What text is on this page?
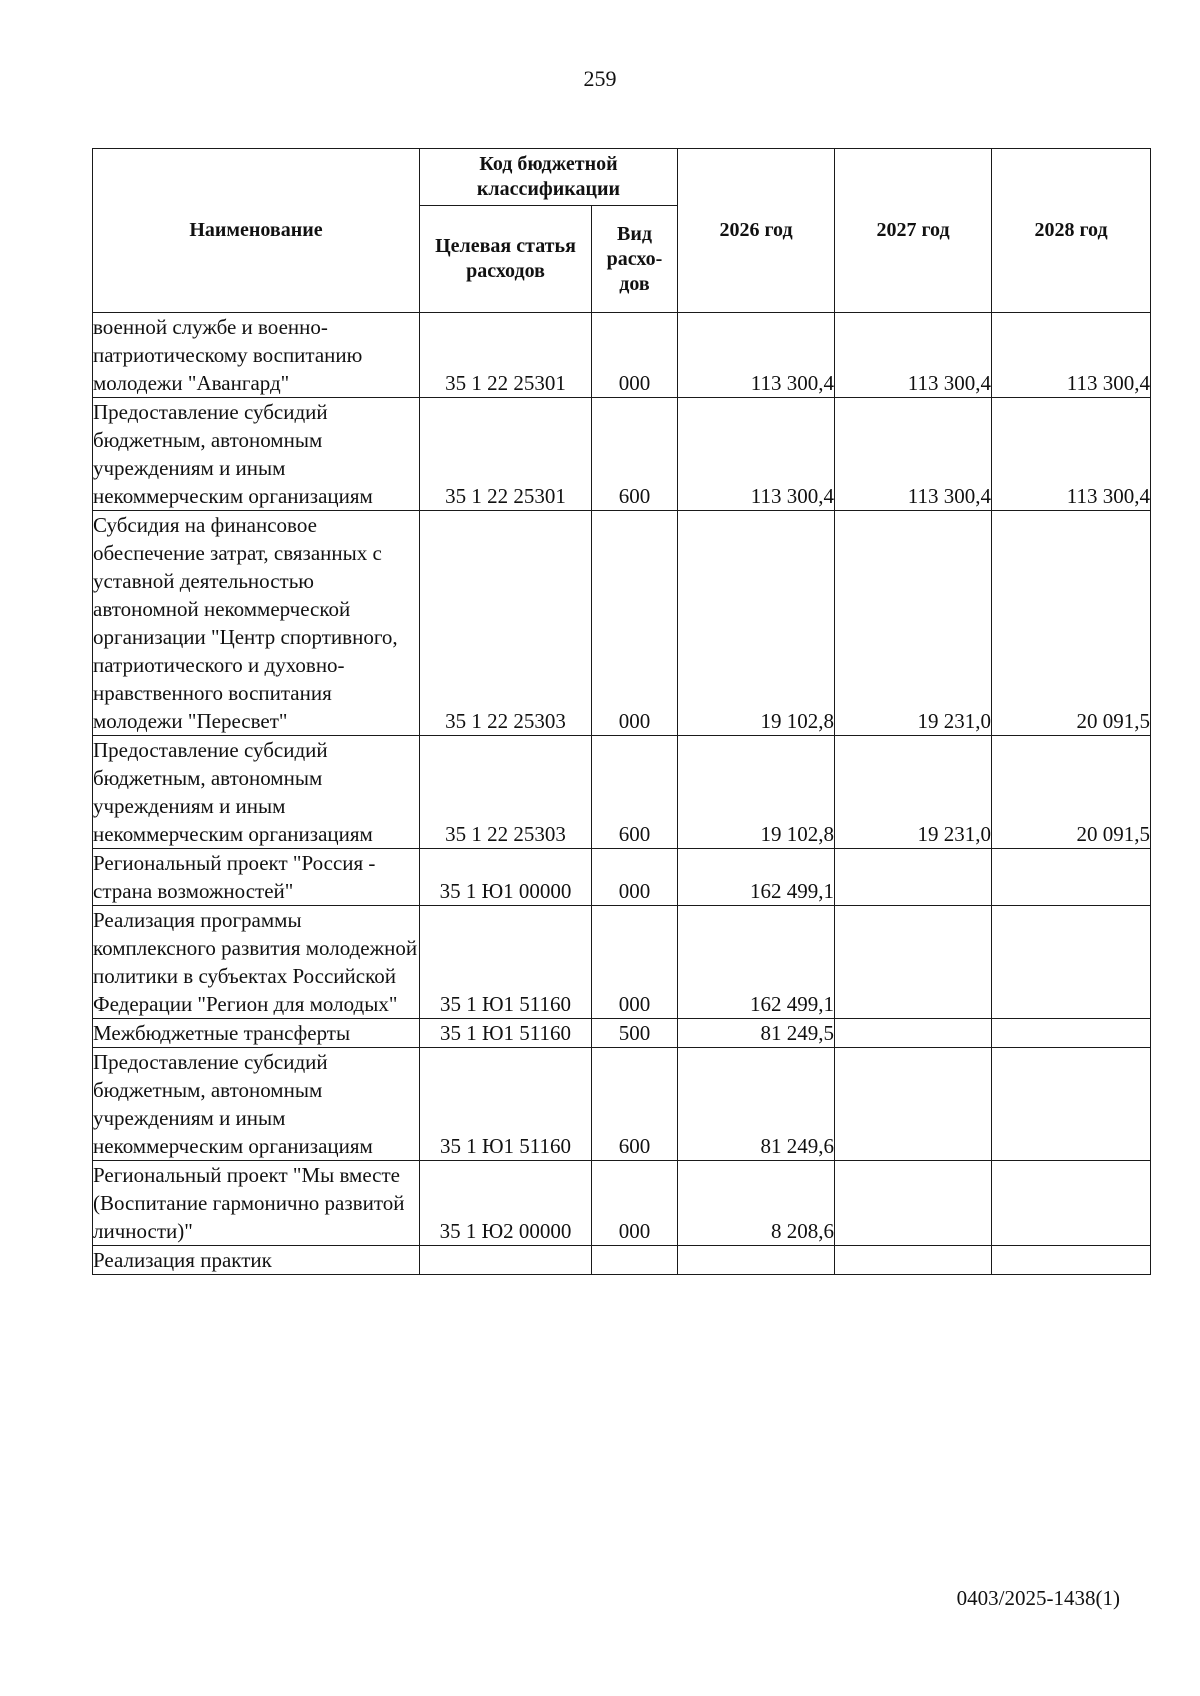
259
Наименование	Код бюджетной классификации		2026 год	2027 год	2028 год
	Целевая статья расходов	Вид расхо-дов			
военной службе и военно-патриотическому воспитанию молодежи "Авангард"	35 1 22 25301	000	113 300,4	113 300,4	113 300,4
Предоставление субсидий бюджетным, автономным учреждениям и иным некоммерческим организациям	35 1 22 25301	600	113 300,4	113 300,4	113 300,4
Субсидия на финансовое обеспечение затрат, связанных с уставной деятельностью автономной некоммерческой организации "Центр спортивного, патриотического и духовно-нравственного воспитания молодежи "Пересвет"	35 1 22 25303	000	19 102,8	19 231,0	20 091,5
Предоставление субсидий бюджетным, автономным учреждениям и иным некоммерческим организациям	35 1 22 25303	600	19 102,8	19 231,0	20 091,5
Региональный проект "Россия - страна возможностей"	35 1 Ю1 00000	000	162 499,1		
Реализация программы комплексного развития молодежной политики в субъектах Российской Федерации "Регион для молодых"	35 1 Ю1 51160	000	162 499,1		
Межбюджетные трансферты	35 1 Ю1 51160	500	81 249,5		
Предоставление субсидий бюджетным, автономным учреждениям и иным некоммерческим организациям	35 1 Ю1 51160	600	81 249,6		
Региональный проект "Мы вместе (Воспитание гармонично развитой личности)"	35 1 Ю2 00000	000	8 208,6		
Реализация практик					
0403/2025-1438(1)
